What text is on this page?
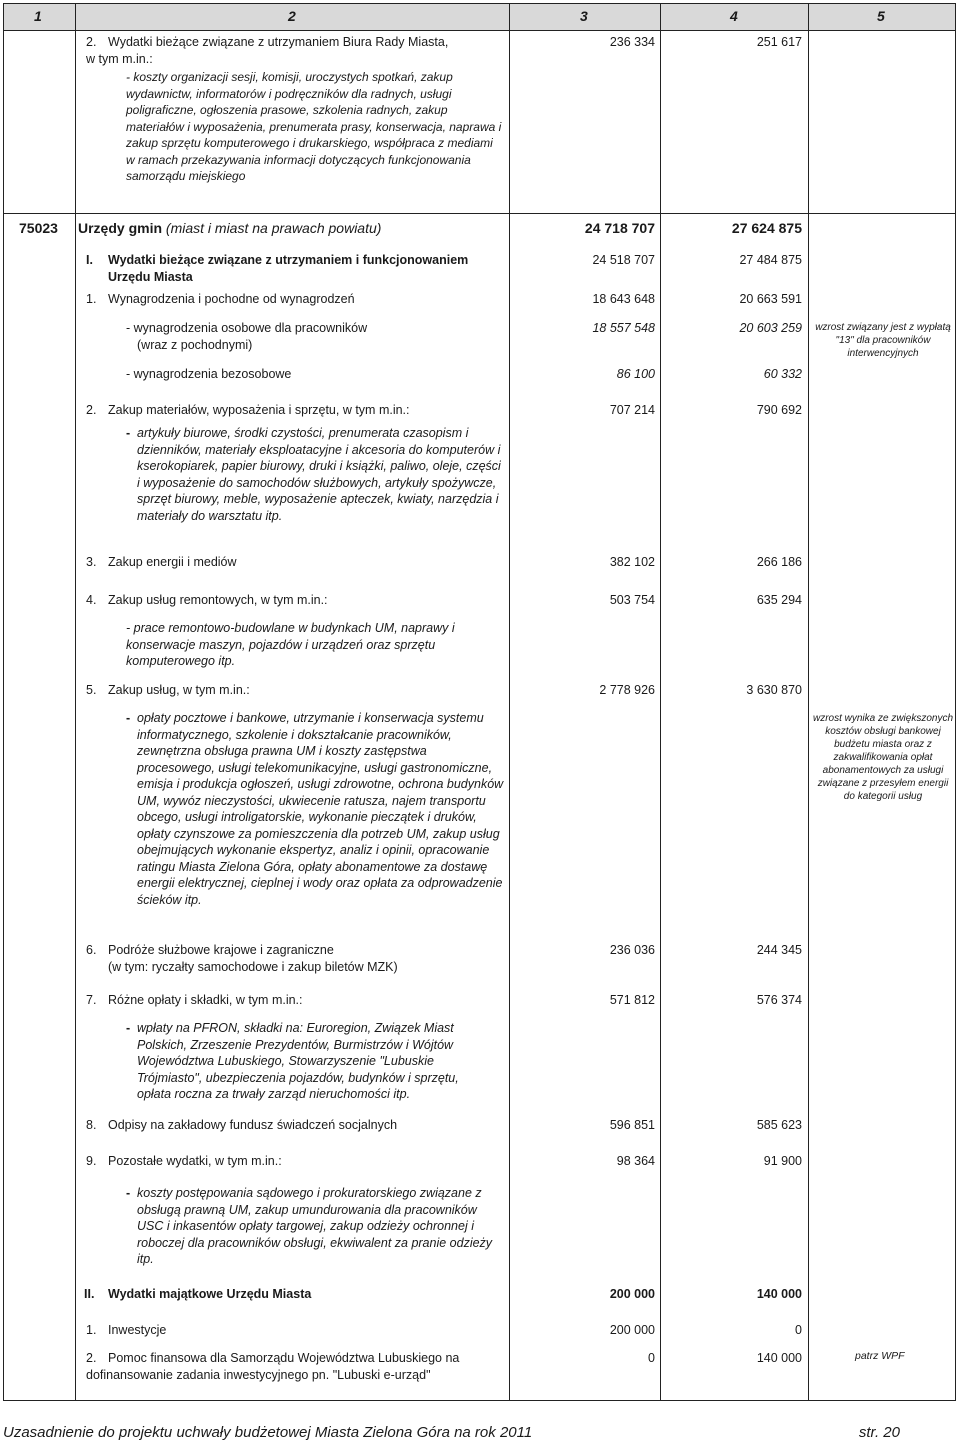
1	2	3	4	5
2. Wydatki bieżące związane z utrzymaniem Biura Rady Miasta,
w tym m.in.:
236 334	251 617
- koszty organizacji sesji, komisji, uroczystych spotkań, zakup wydawnictw, informatorów i podręczników dla radnych, usługi poligraficzne, ogłoszenia prasowe, szkolenia radnych, zakup materiałów i wyposażenia, prenumerata prasy, konserwacja, naprawa i zakup sprzętu komputerowego i drukarskiego, współpraca z mediami w ramach przekazywania informacji dotyczących funkcjonowania samorządu miejskiego
75023 Urzędy gmin (miast i miast na prawach powiatu)	24 718 707	27 624 875
I. Wydatki bieżące związane z utrzymaniem i funkcjonowaniem
Urzędu Miasta
24 518 707	27 484 875
1. Wynagrodzenia i pochodne od wynagrodzeń	18 643 648	20 663 591
- wynagrodzenia osobowe dla pracowników
(wraz z pochodnymi)
18 557 548	20 603 259	wzrost związany jest z wypłatą "13" dla pracowników interwencyjnych
- wynagrodzenia bezosobowe	86 100	60 332
2. Zakup materiałów, wyposażenia i sprzętu, w tym m.in.:	707 214	790 692
- artykuły biurowe, środki czystości, prenumerata czasopism i dzienników, materiały eksploatacyjne i akcesoria do komputerów i kserokopiarek, papier biurowy, druki i książki, paliwo, oleje, części i wyposażenie do samochodów służbowych, artykuły spożywcze, sprzęt biurowy, meble, wyposażenie apteczek, kwiaty, narzędzia i materiały do warsztatu itp.
3. Zakup energii i mediów	382 102	266 186
4. Zakup usług remontowych, w tym m.in.:	503 754	635 294
- prace remontowo-budowlane w budynkach UM, naprawy i konserwacje maszyn, pojazdów i urządzeń oraz sprzętu komputerowego itp.
5. Zakup usług, w tym m.in.:	2 778 926	3 630 870
- opłaty pocztowe i bankowe, utrzymanie i konserwacja systemu informatycznego, szkolenie i dokształcanie pracowników, zewnętrzna obsługa prawna UM i koszty zastępstwa procesowego, usługi telekomunikacyjne, usługi gastronomiczne, emisja i produkcja ogłoszeń, usługi zdrowotne, ochrona budynków UM, wywóz nieczystości, ukwiecenie ratusza, najem transportu obcego, usługi introligatorskie, wykonanie pieczątek i druków, opłaty czynszowe za pomieszczenia dla potrzeb UM, zakup usług obejmujących wykonanie ekspertyz, analiz i opinii, opracowanie ratingu Miasta Zielona Góra, opłaty abonamentowe za dostawę energii elektrycznej, cieplnej i wody oraz opłata za odprowadzenie ścieków itp.
wzrost wynika ze zwiększonych kosztów obsługi bankowej budżetu miasta oraz z zakwalifikowania opłat abonamentowych za usługi związane z przesyłem energii do kategorii usług
6. Podróże służbowe krajowe i zagraniczne
(w tym: ryczałty samochodowe i zakup biletów MZK)
236 036	244 345
7. Różne opłaty i składki, w tym m.in.:	571 812	576 374
- wpłaty na PFRON, składki na: Euroregion, Związek Miast Polskich, Zrzeszenie Prezydentów, Burmistrzów i Wójtów Województwa Lubuskiego, Stowarzyszenie "Lubuskie Trójmiasto", ubezpieczenia pojazdów, budynków i sprzętu, opłata roczna za trwały zarząd nieruchomości itp.
8. Odpisy na zakładowy fundusz świadczeń socjalnych	596 851	585 623
9. Pozostałe wydatki, w tym m.in.:	98 364	91 900
- koszty postępowania sądowego i prokuratorskiego związane z obsługą prawną UM, zakup umundurowania dla pracowników USC i inkasentów opłaty targowej, zakup odzieży ochronnej i roboczej dla pracowników obsługi, ekwiwalent za pranie odzieży itp.
II. Wydatki majątkowe Urzędu Miasta	200 000	140 000
1. Inwestycje	200 000	0
2. Pomoc finansowa dla Samorządu Województwa Lubuskiego na
dofinansowanie zadania inwestycyjnego pn. "Lubuski e-urząd"
0	140 000	patrz WPF
Uzasadnienie do projektu uchwały budżetowej Miasta Zielona Góra na rok 2011	str. 20
